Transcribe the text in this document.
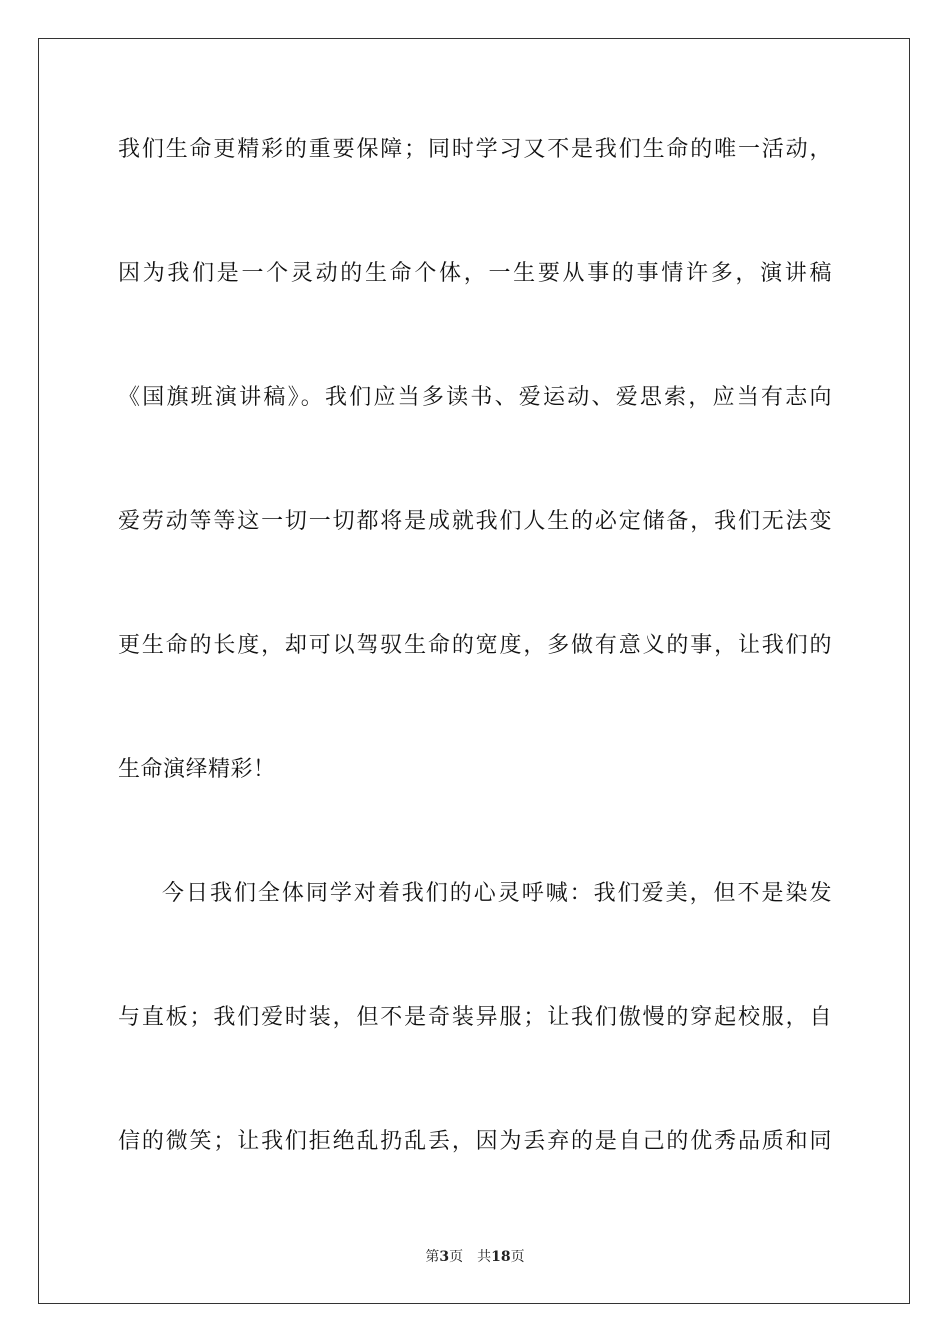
我们生命更精彩的重要保障；同时学习又不是我们生命的唯一活动，
因为我们是一个灵动的生命个体，一生要从事的事情许多，演讲稿
《国旗班演讲稿》。我们应当多读书、爱运动、爱思索，应当有志向
爱劳动等等这一切一切都将是成就我们人生的必定储备，我们无法变
更生命的长度，却可以驾驭生命的宽度，多做有意义的事，让我们的
生命演绎精彩！
今日我们全体同学对着我们的心灵呼喊：我们爱美，但不是染发
与直板；我们爱时装，但不是奇装异服；让我们傲慢的穿起校服，自
信的微笑；让我们拒绝乱扔乱丢，因为丢弃的是自己的优秀品质和同
第3页 共18页
